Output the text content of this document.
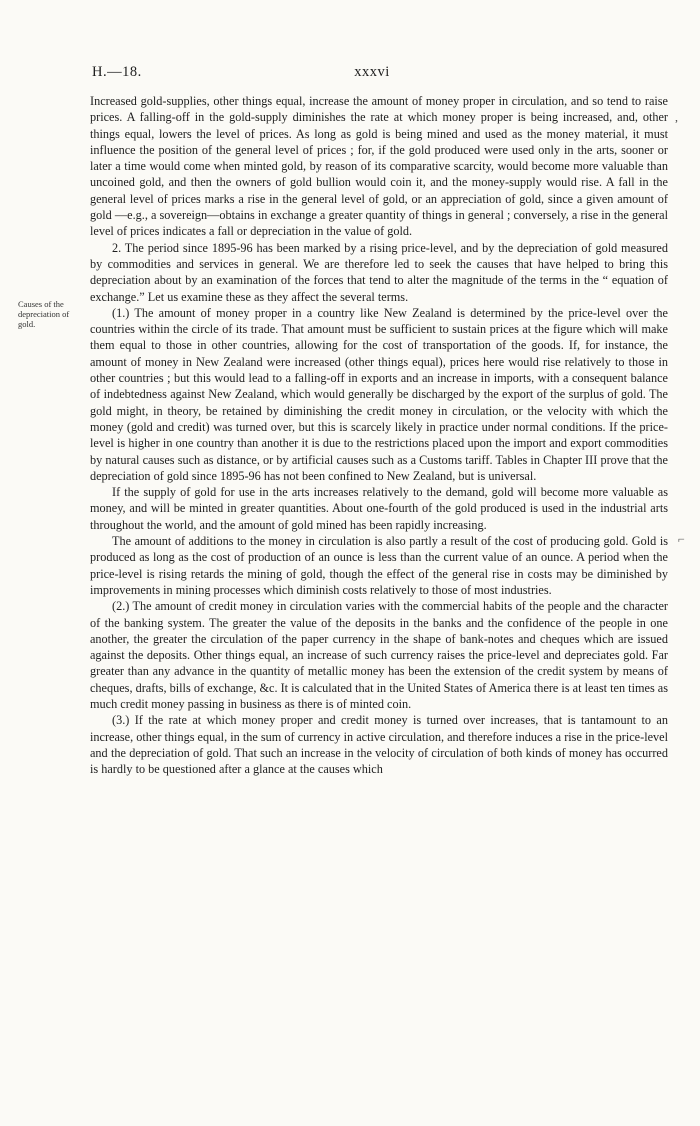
H.—18.	xxxvi
Causes of the depreciation of gold.
,
⌐

Increased gold-supplies, other things equal, increase the amount of money proper in circulation, and so tend to raise prices. A falling-off in the gold-supply diminishes the rate at which money proper is being increased, and, other things equal, lowers the level of prices. As long as gold is being mined and used as the money material, it must influence the position of the general level of prices ; for, if the gold produced were used only in the arts, sooner or later a time would come when minted gold, by reason of its comparative scarcity, would become more valuable than uncoined gold, and then the owners of gold bullion would coin it, and the money-supply would rise. A fall in the general level of prices marks a rise in the general level of gold, or an appreciation of gold, since a given amount of gold —e.g., a sovereign—obtains in exchange a greater quantity of things in general ; conversely, a rise in the general level of prices indicates a fall or depreciation in the value of gold.

2. The period since 1895-96 has been marked by a rising price-level, and by the depreciation of gold measured by commodities and services in general. We are therefore led to seek the causes that have helped to bring this depreciation about by an examination of the forces that tend to alter the magnitude of the terms in the “ equation of exchange.” Let us examine these as they affect the several terms.

(1.) The amount of money proper in a country like New Zealand is determined by the price-level over the countries within the circle of its trade. That amount must be sufficient to sustain prices at the figure which will make them equal to those in other countries, allowing for the cost of transportation of the goods. If, for instance, the amount of money in New Zealand were increased (other things equal), prices here would rise relatively to those in other countries ; but this would lead to a falling-off in exports and an increase in imports, with a consequent balance of indebtedness against New Zealand, which would generally be discharged by the export of the surplus of gold. The gold might, in theory, be retained by diminishing the credit money in circulation, or the velocity with which the money (gold and credit) was turned over, but this is scarcely likely in practice under normal conditions. If the price-level is higher in one country than another it is due to the restrictions placed upon the import and export commodities by natural causes such as distance, or by artificial causes such as a Customs tariff. Tables in Chapter III prove that the depreciation of gold since 1895-96 has not been confined to New Zealand, but is universal.

If the supply of gold for use in the arts increases relatively to the demand, gold will become more valuable as money, and will be minted in greater quantities. About one-fourth of the gold produced is used in the industrial arts throughout the world, and the amount of gold mined has been rapidly increasing.

The amount of additions to the money in circulation is also partly a result of the cost of producing gold. Gold is produced as long as the cost of production of an ounce is less than the current value of an ounce. A period when the price-level is rising retards the mining of gold, though the effect of the general rise in costs may be diminished by improvements in mining processes which diminish costs relatively to those of most industries.

(2.) The amount of credit money in circulation varies with the commercial habits of the people and the character of the banking system. The greater the value of the deposits in the banks and the confidence of the people in one another, the greater the circulation of the paper currency in the shape of bank-notes and cheques which are issued against the deposits. Other things equal, an increase of such currency raises the price-level and depreciates gold. Far greater than any advance in the quantity of metallic money has been the extension of the credit system by means of cheques, drafts, bills of exchange, &c. It is calculated that in the United States of America there is at least ten times as much credit money passing in business as there is of minted coin.

(3.) If the rate at which money proper and credit money is turned over increases, that is tantamount to an increase, other things equal, in the sum of currency in active circulation, and therefore induces a rise in the price-level and the depreciation of gold. That such an increase in the velocity of circulation of both kinds of money has occurred is hardly to be questioned after a glance at the causes which
